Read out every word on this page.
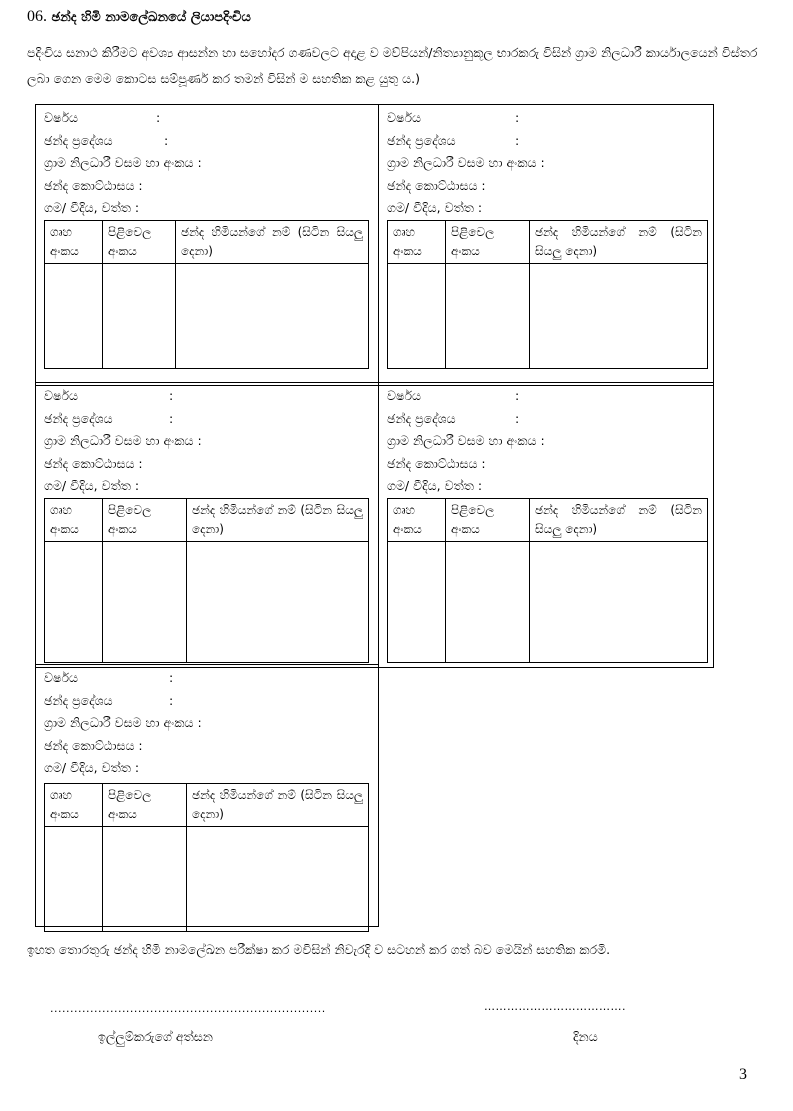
06. ඡන්ද හිමි නාමලේඛනයේ ලියාපදිංචිය
පදිංචිය සනාථ කිරීමට අවශ්‍ය ආසන්න හා සහෝදර ගණවලට අදාළ ව මව්පියන්/නිත්‍යානුකූල භාරකරු විසින් ග්‍රාම නිලධාරී කාර්යාලයෙන් විස්තර ලබා ගෙන මෙම කොටස සම්පූර්ණ කර තමන් විසින් ම සහතික කළ යුතු ය.)
වර්ෂය	:
ඡන්ද ප්‍රදේශය	:
ග්‍රාම නිලධාරී වසම හා අංකය :
ඡන්ද කොට්ඨාසය :
ගම/ වීදිය, වත්ත :
ගෘහ අංකය	පිළිවෙල අංකය	ඡන්ද හිමියන්ගේ නම් (සිටින සියලු දෙනා)

වර්ෂය	:
ඡන්ද ප්‍රදේශය	:
ග්‍රාම නිලධාරී වසම හා අංකය :
ඡන්ද කොට්ඨාසය :
ගම/ වීදිය, වත්ත :
ගෘහ අංකය	පිළිවෙල අංකය	ඡන්ද හිමියන්ගේ නම් (සිටින සියලු දෙනා)

වර්ෂය	:
ඡන්ද ප්‍රදේශය	:
ග්‍රාම නිලධාරී වසම හා අංකය :
ඡන්ද කොට්ඨාසය :
ගම/ වීදිය, වත්ත :
ගෘහ අංකය	පිළිවෙල අංකය	ඡන්ද හිමියන්ගේ නම් (සිටින සියලු දෙනා)

වර්ෂය	:
ඡන්ද ප්‍රදේශය	:
ග්‍රාම නිලධාරී වසම හා අංකය :
ඡන්ද කොට්ඨාසය :
ගම/ වීදිය, වත්ත :
ගෘහ අංකය	පිළිවෙල අංකය	ඡන්ද හිමියන්ගේ නම් (සිටින සියලු දෙනා)

වර්ෂය	:
ඡන්ද ප්‍රදේශය	:
ග්‍රාම නිලධාරී වසම හා අංකය :
ඡන්ද කොට්ඨාසය :
ගම/ වීදිය, වත්ත :
ගෘහ අංකය	පිළිවෙල අංකය	ඡන්ද හිමියන්ගේ නම් (සිටින සියලු දෙනා)

ඉහත තොරතුරු ඡන්ද හිමි නාමලේඛන පරීක්ෂා කර මවිසින් නිවැරදි ව සටහන් කර ගත් බව මෙයින් සහතික කරමි.
.....................................................................	……………………………….
ඉල්ලුම්කරුගේ අත්සන	දිනය
3
